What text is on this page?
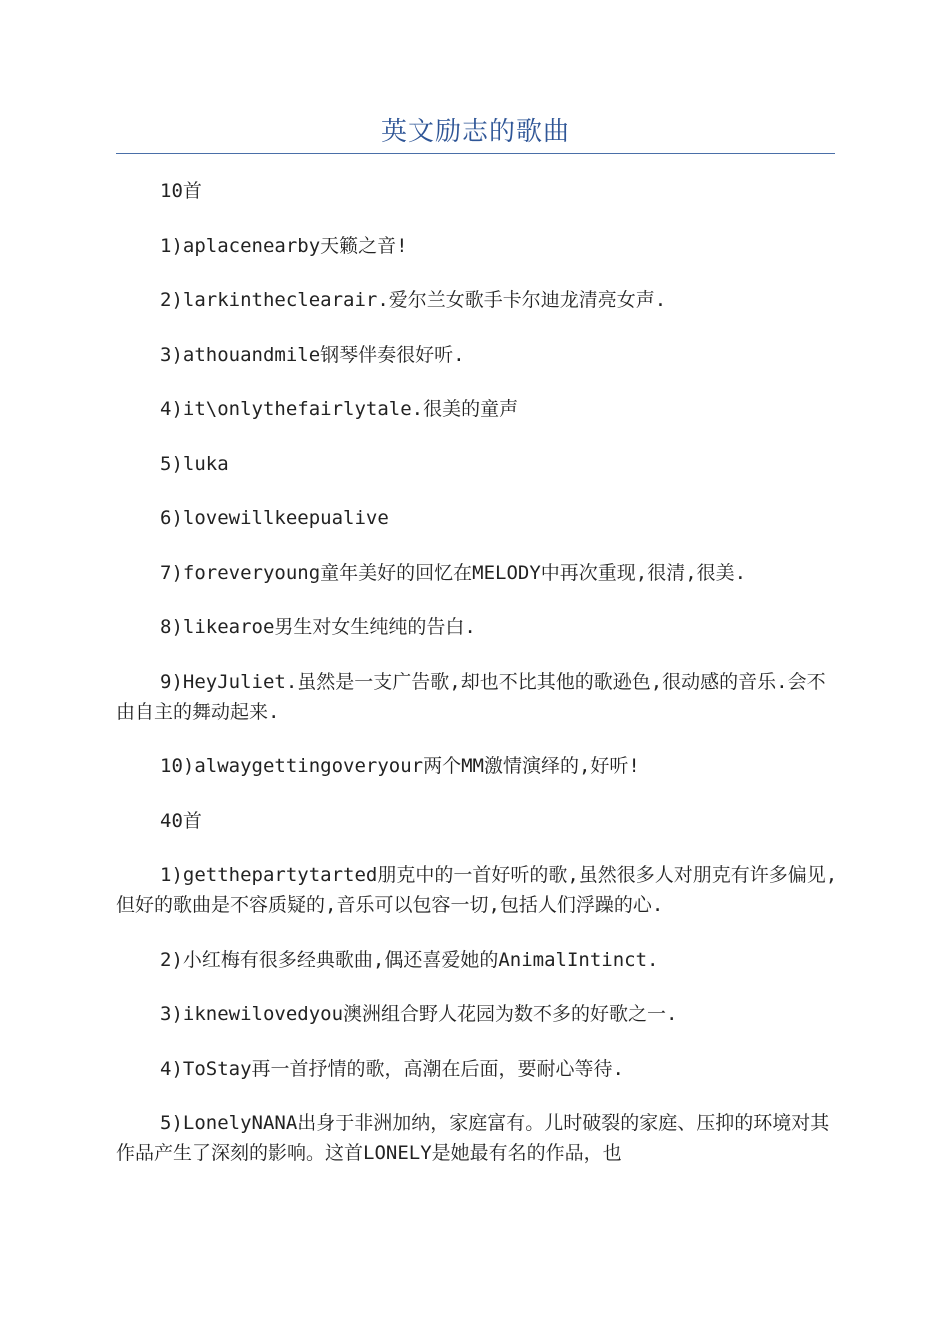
英文励志的歌曲

10首

1)aplacenearby天籁之音!

2)larkintheclearair.爱尔兰女歌手卡尔迪龙清亮女声.

3)athouandmile钢琴伴奏很好听.

4)it\onlythefairlytale.很美的童声

5)luka

6)lovewillkeepualive

7)foreveryoung童年美好的回忆在MELODY中再次重现,很清,很美.

8)likearoe男生对女生纯纯的告白.

9)HeyJuliet.虽然是一支广告歌,却也不比其他的歌逊色,很动感的音乐.会不由自主的舞动起来.

10)alwaygettingoveryour两个MM激情演绎的,好听!

40首

1)getthepartytarted朋克中的一首好听的歌,虽然很多人对朋克有许多偏见,但好的歌曲是不容质疑的,音乐可以包容一切,包括人们浮躁的心.

2)小红梅有很多经典歌曲,偶还喜爱她的AnimalIntinct.

3)iknewilovedyou澳洲组合野人花园为数不多的好歌之一.

4)ToStay再一首抒情的歌，高潮在后面，要耐心等待.

5)LonelyNANA出身于非洲加纳，家庭富有。儿时破裂的家庭、压抑的环境对其作品产生了深刻的影响。这首LONELY是她最有名的作品，也
